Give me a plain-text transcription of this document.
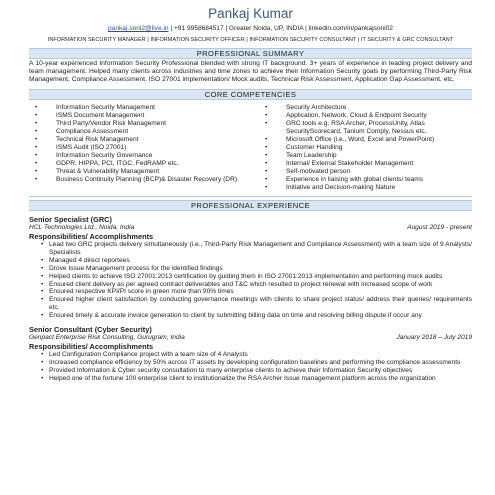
Pankaj Kumar
pankaj.soni2@live.in | +91 9958684517 | Greater Noida, UP, INDIA | linkedin.com/in/pankajsoni02
INFORMATION SECURITY MANAGER | INFORMATION SECURITY OFFICER | INFORMATION SECURITY CONSULTANT | IT SECURITY & GRC CONSULTANT
PROFESSIONAL SUMMARY
A 10-year experienced Information Security Professional blended with strong IT background. 3+ years of experience in leading project delivery and team management. Helped many clients across industries and time zones to achieve their Information Security goals by performing Third-Party Risk Management, Compliance Assessment, ISO 27001 implementation/ Mock audits, Technical Risk Assessment, Application Gap Assessment, etc.
CORE COMPETENCIES
•	Information Security Management
•	ISMS Document Management
•	Third Party/Vendor Risk Management
•	Compliance Assessment
•	Technical Risk Management
•	ISMS Audit (ISO 27001)
•	Information Security Governance
•	GDPR, HIPPA, PCI, ITGC, FedRAMP etc.
•	Threat & Vulnerability Management
•	Business Continuity Planning (BCP)& Disaster Recovery (DR)
•	Security Architecture
•	Application, Network, Cloud & Endpoint Security
•	GRC tools e.g. RSA Archer, ProcessUnity, Atlas SecurityScorecard, Tanium Comply, Nessus etc.
•	Microsoft Office (i.e., Word, Excel and PowerPoint)
•	Customer Handling
•	Team Leadership
•	Internal/ External Stakeholder Management
•	Self-motivated person
•	Experience in liaising with global clients/ teams
•	Initiative and Decision-making Nature
PROFESSIONAL EXPERIENCE
Senior Specialist (GRC)
HCL Technologies Ltd., Noida, India	August 2019 - present
Responsibilities/ Accomplishments
• Lead two GRC projects delivery simultaneously (i.e., Third-Party Risk Management and Compliance Assessment) with a team size of 9 Analysts/ Specialists
• Managed 4 direct reportees
• Drove Issue Management process for the identified findings
• Helped clients to achieve ISO 27001:2013 certification by guiding them in ISO 27001:2013 implementation and performing mock audits
• Ensured client delivery as per agreed contract deliverables and T&C which resulted to project renewal with increased scope of work
• Ensured respective KPI/PI score in green more than 90% times
• Ensured higher client satisfaction by conducting governance meetings with clients to share project status/ address their queries/ requirements etc.
• Ensured timely & accurate invoice generation to client by submitting billing data on time and resolving billing dispute if occur any
Senior Consultant (Cyber Security)
Genpact Enterprise Risk Consulting, Gurugram, India	January 2018 – July 2019
Responsibilities/ Accomplishments
• Led Configuration Compliance project with a team size of 4 Analysts
• Increased compliance efficiency by 50% across IT assets by developing configuration baselines and performing the compliance assessments
• Provided Information & Cyber security consultation to many enterprise clients to achieve their Information Security objectives
• Helped one of the fortune 100 enterprise client to institutionalize the RSA Archer Issue management platform across the organization
